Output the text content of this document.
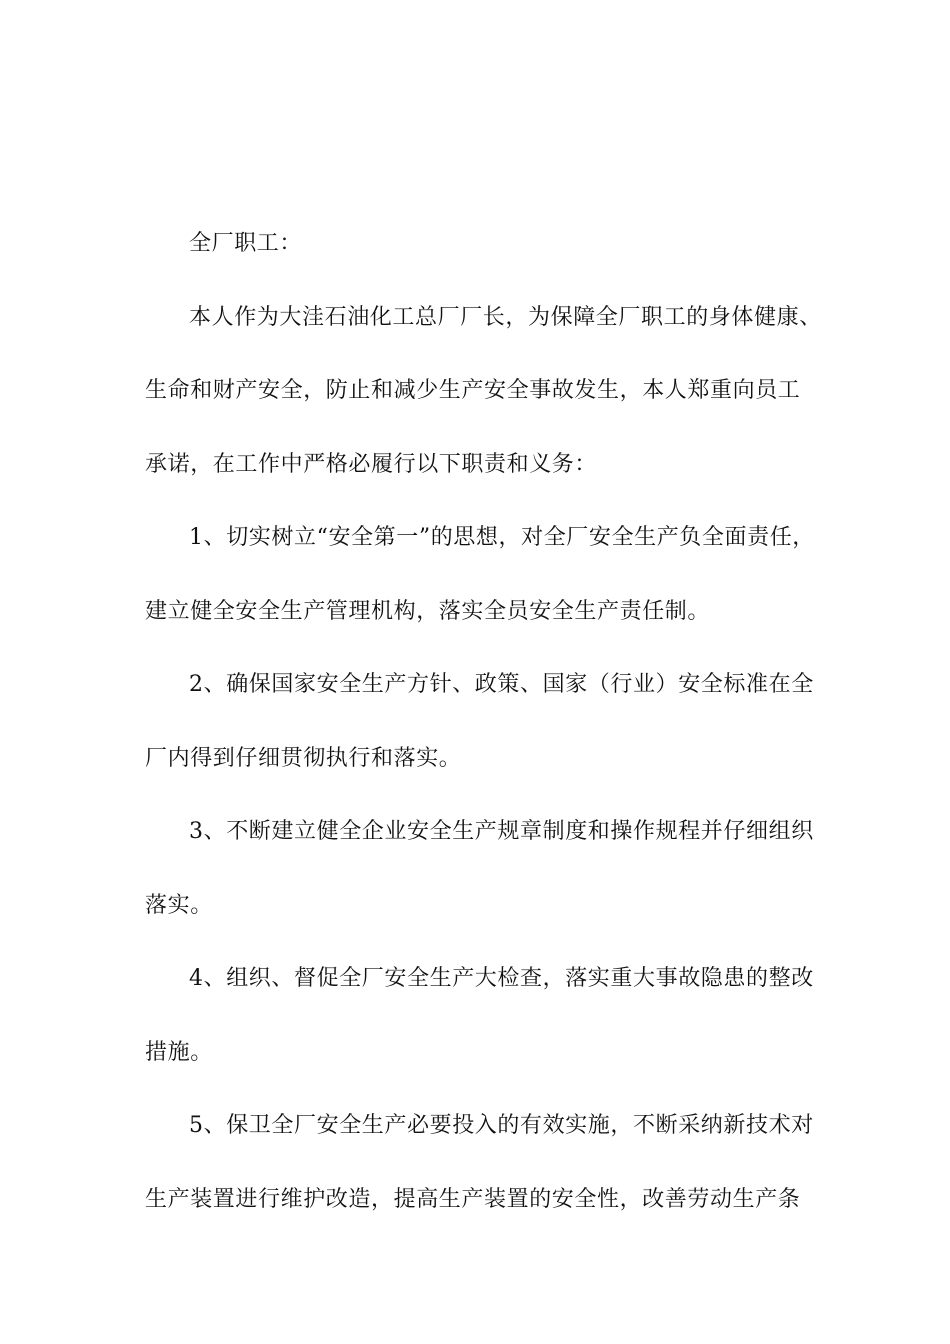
全厂职工：
本人作为大洼石油化工总厂厂长，为保障全厂职工的身体健康、
生命和财产安全，防止和减少生产安全事故发生，本人郑重向员工
承诺，在工作中严格必履行以下职责和义务：
1、切实树立“安全第一”的思想，对全厂安全生产负全面责任，
建立健全安全生产管理机构，落实全员安全生产责任制。
2、确保国家安全生产方针、政策、国家（行业）安全标准在全
厂内得到仔细贯彻执行和落实。
3、不断建立健全企业安全生产规章制度和操作规程并仔细组织
落实。
4、组织、督促全厂安全生产大检查，落实重大事故隐患的整改
措施。
5、保卫全厂安全生产必要投入的有效实施，不断采纳新技术对
生产装置进行维护改造，提高生产装置的安全性，改善劳动生产条
